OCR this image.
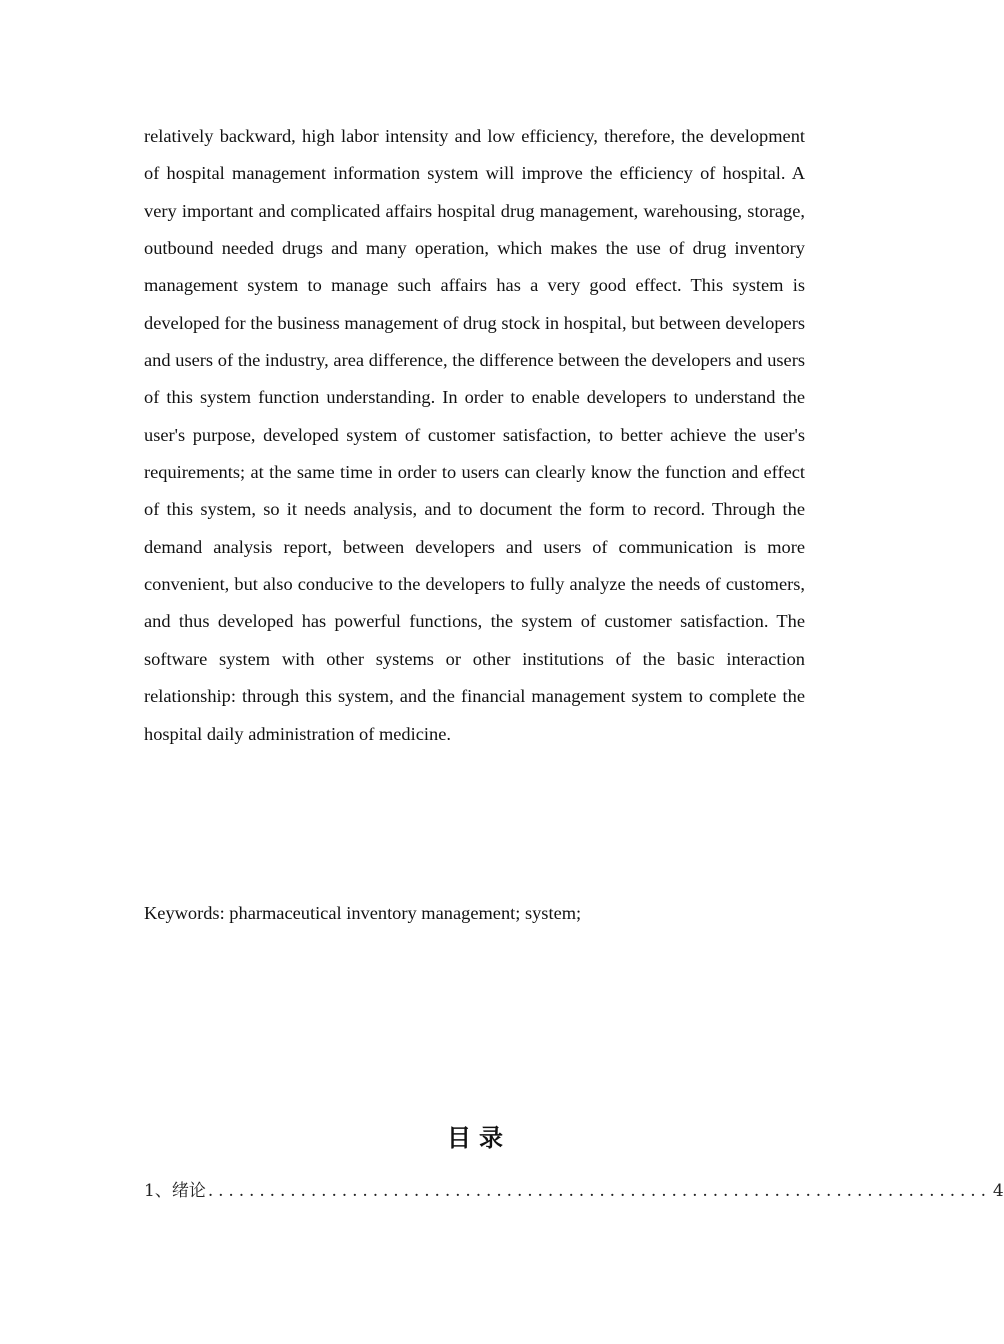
relatively backward, high labor intensity and low efficiency, therefore, the development of hospital management information system will improve the efficiency of hospital. A very important and complicated affairs hospital drug management, warehousing, storage, outbound needed drugs and many operation, which makes the use of drug inventory management system to manage such affairs has a very good effect. This system is developed for the business management of drug stock in hospital, but between developers and users of the industry, area difference, the difference between the developers and users of this system function understanding. In order to enable developers to understand the user's purpose, developed system of customer satisfaction, to better achieve the user's requirements; at the same time in order to users can clearly know the function and effect of this system, so it needs analysis, and to document the form to record. Through the demand analysis report, between developers and users of communication is more convenient, but also conducive to the developers to fully analyze the needs of customers, and thus developed has powerful functions, the system of customer satisfaction. The software system with other systems or other institutions of the basic interaction relationship: through this system, and the financial management system to complete the hospital daily administration of medicine.

Keywords: pharmaceutical inventory management; system;

目录
1、绪论 ............................................................................ 4
